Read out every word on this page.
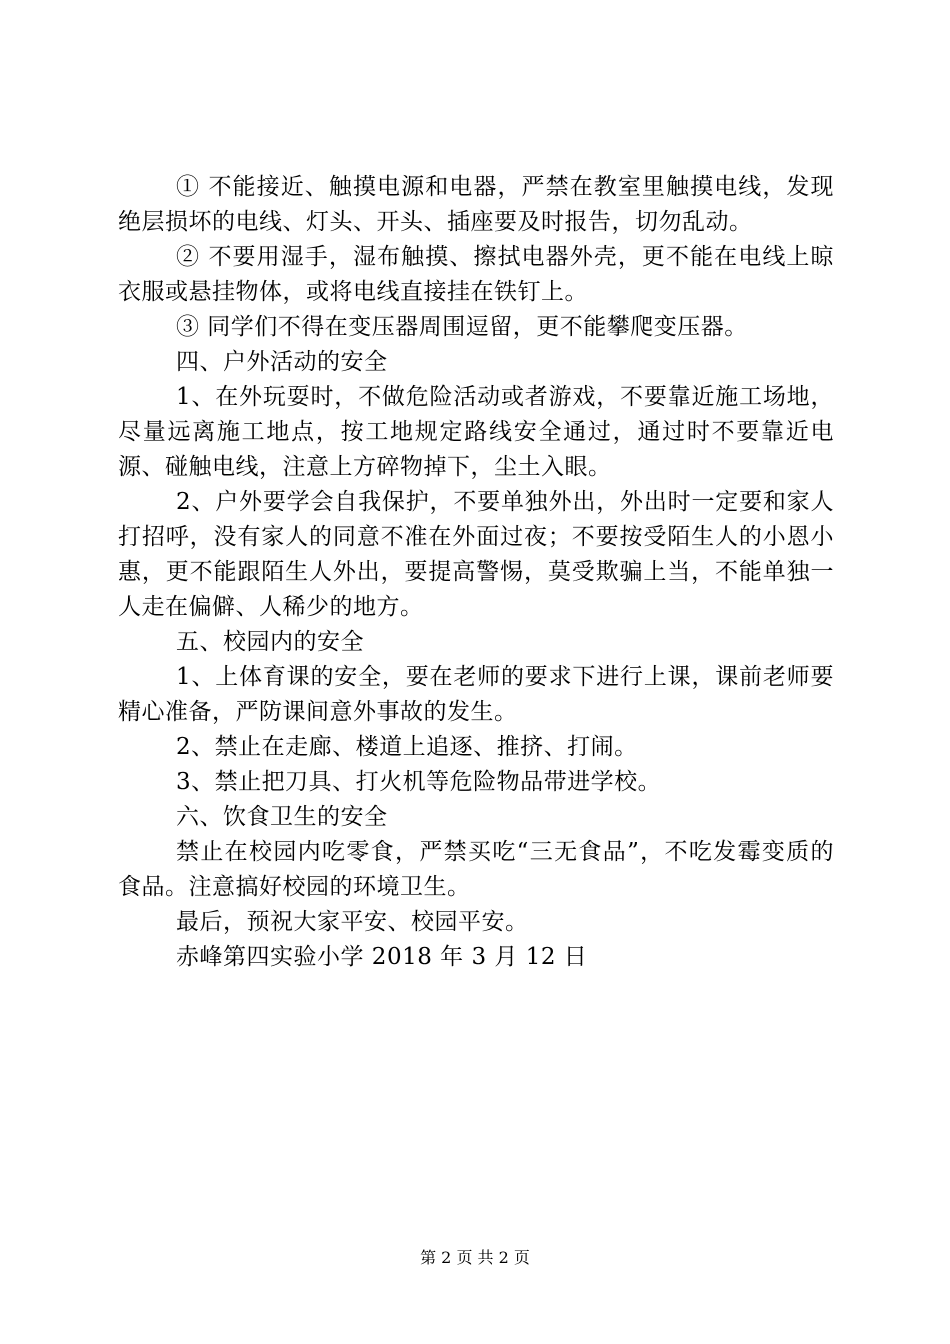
① 不能接近、触摸电源和电器，严禁在教室里触摸电线，发现绝层损坏的电线、灯头、开头、插座要及时报告，切勿乱动。

② 不要用湿手，湿布触摸、擦拭电器外壳，更不能在电线上晾衣服或悬挂物体，或将电线直接挂在铁钉上。

③ 同学们不得在变压器周围逗留，更不能攀爬变压器。

四、户外活动的安全

1、在外玩耍时，不做危险活动或者游戏，不要靠近施工场地，尽量远离施工地点，按工地规定路线安全通过，通过时不要靠近电源、碰触电线，注意上方碎物掉下，尘土入眼。

2、户外要学会自我保护，不要单独外出，外出时一定要和家人打招呼，没有家人的同意不准在外面过夜；不要按受陌生人的小恩小惠，更不能跟陌生人外出，要提高警惕，莫受欺骗上当，不能单独一人走在偏僻、人稀少的地方。

五、校园内的安全

1、上体育课的安全，要在老师的要求下进行上课，课前老师要精心准备，严防课间意外事故的发生。

2、禁止在走廊、楼道上追逐、推挤、打闹。

3、禁止把刀具、打火机等危险物品带进学校。

六、饮食卫生的安全

禁止在校园内吃零食，严禁买吃“三无食品”，不吃发霉变质的食品。注意搞好校园的环境卫生。

最后，预祝大家平安、校园平安。

赤峰第四实验小学 2018 年 3 月 12 日

第 2 页 共 2 页
